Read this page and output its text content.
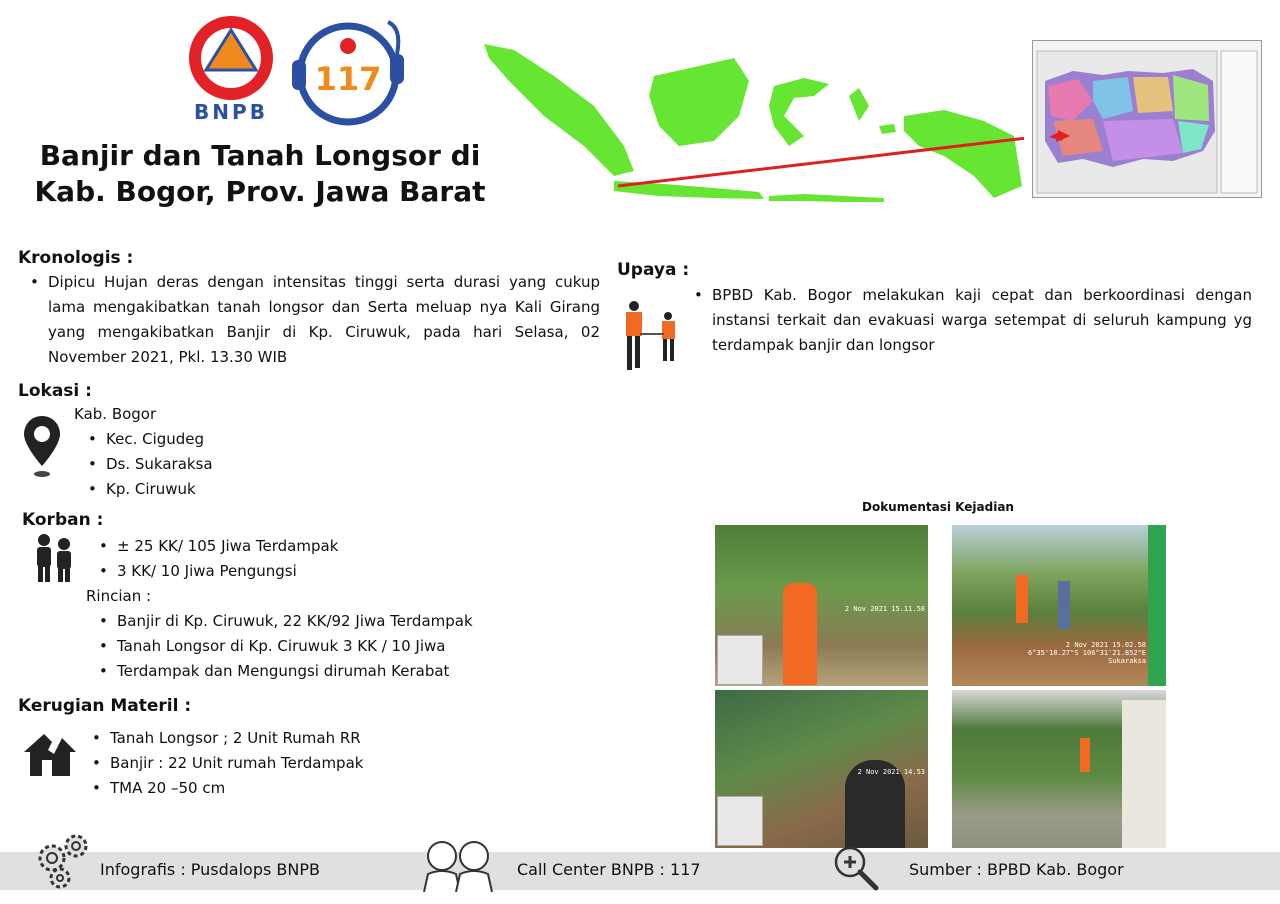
BNPB
117
Banjir dan Tanah Longsor di
Kab. Bogor, Prov. Jawa Barat
Kronologis :
• Dipicu Hujan deras dengan intensitas tinggi serta durasi yang cukup lama mengakibatkan tanah longsor dan Serta meluap nya Kali Girang yang mengakibatkan Banjir di Kp. Ciruwuk, pada hari Selasa, 02 November 2021, Pkl. 13.30 WIB
Lokasi :
Kab. Bogor
• Kec. Cigudeg
• Ds. Sukaraksa
• Kp. Ciruwuk
Korban :
• ± 25 KK/ 105 Jiwa Terdampak
• 3 KK/ 10 Jiwa Pengungsi
Rincian :
• Banjir di Kp. Ciruwuk, 22 KK/92 Jiwa Terdampak
• Tanah Longsor di Kp. Ciruwuk 3 KK / 10 Jiwa
• Terdampak dan Mengungsi dirumah Kerabat
Kerugian Materil :
• Tanah Longsor ; 2 Unit Rumah RR
• Banjir : 22 Unit rumah Terdampak
• TMA 20 –50 cm
Upaya :
• BPBD Kab. Bogor melakukan kaji cepat dan berkoordinasi dengan instansi terkait dan evakuasi warga setempat di seluruh kampung yg terdampak banjir dan longsor
Dokumentasi Kejadian
2 Nov 2021 15.11.58
2 Nov 2021 15.02.58
6°35'18.27"S 106°31'21.852"E
Sukaraksa
2 Nov 2021 14.53
Infografis : Pusdalops BNPB	Call Center BNPB : 117	Sumber : BPBD Kab. Bogor
